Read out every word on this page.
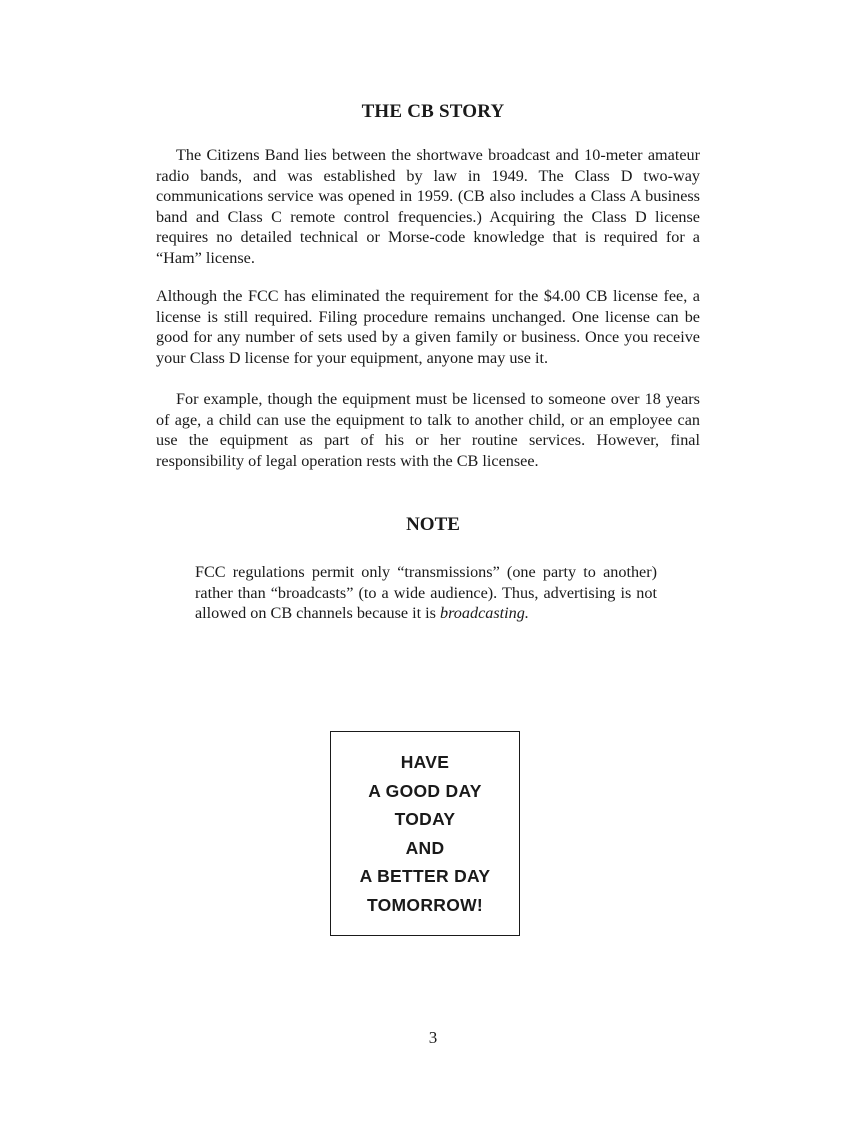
THE CB STORY

The Citizens Band lies between the shortwave broadcast and 10-meter amateur radio bands, and was established by law in 1949. The Class D two-way communications service was opened in 1959. (CB also includes a Class A business band and Class C remote control frequencies.) Acquiring the Class D license requires no detailed technical or Morse-code knowledge that is required for a “Ham” license.

Although the FCC has eliminated the requirement for the $4.00 CB license fee, a license is still required. Filing procedure remains unchanged. One license can be good for any number of sets used by a given family or business. Once you receive your Class D license for your equipment, anyone may use it.

For example, though the equipment must be licensed to someone over 18 years of age, a child can use the equipment to talk to another child, or an employee can use the equipment as part of his or her routine services. However, final responsibility of legal operation rests with the CB licensee.

NOTE

FCC regulations permit only “transmissions” (one party to another) rather than “broadcasts” (to a wide audience). Thus, advertising is not allowed on CB channels because it is broadcasting.

HAVE
A GOOD DAY
TODAY
AND
A BETTER DAY
TOMORROW!
3
